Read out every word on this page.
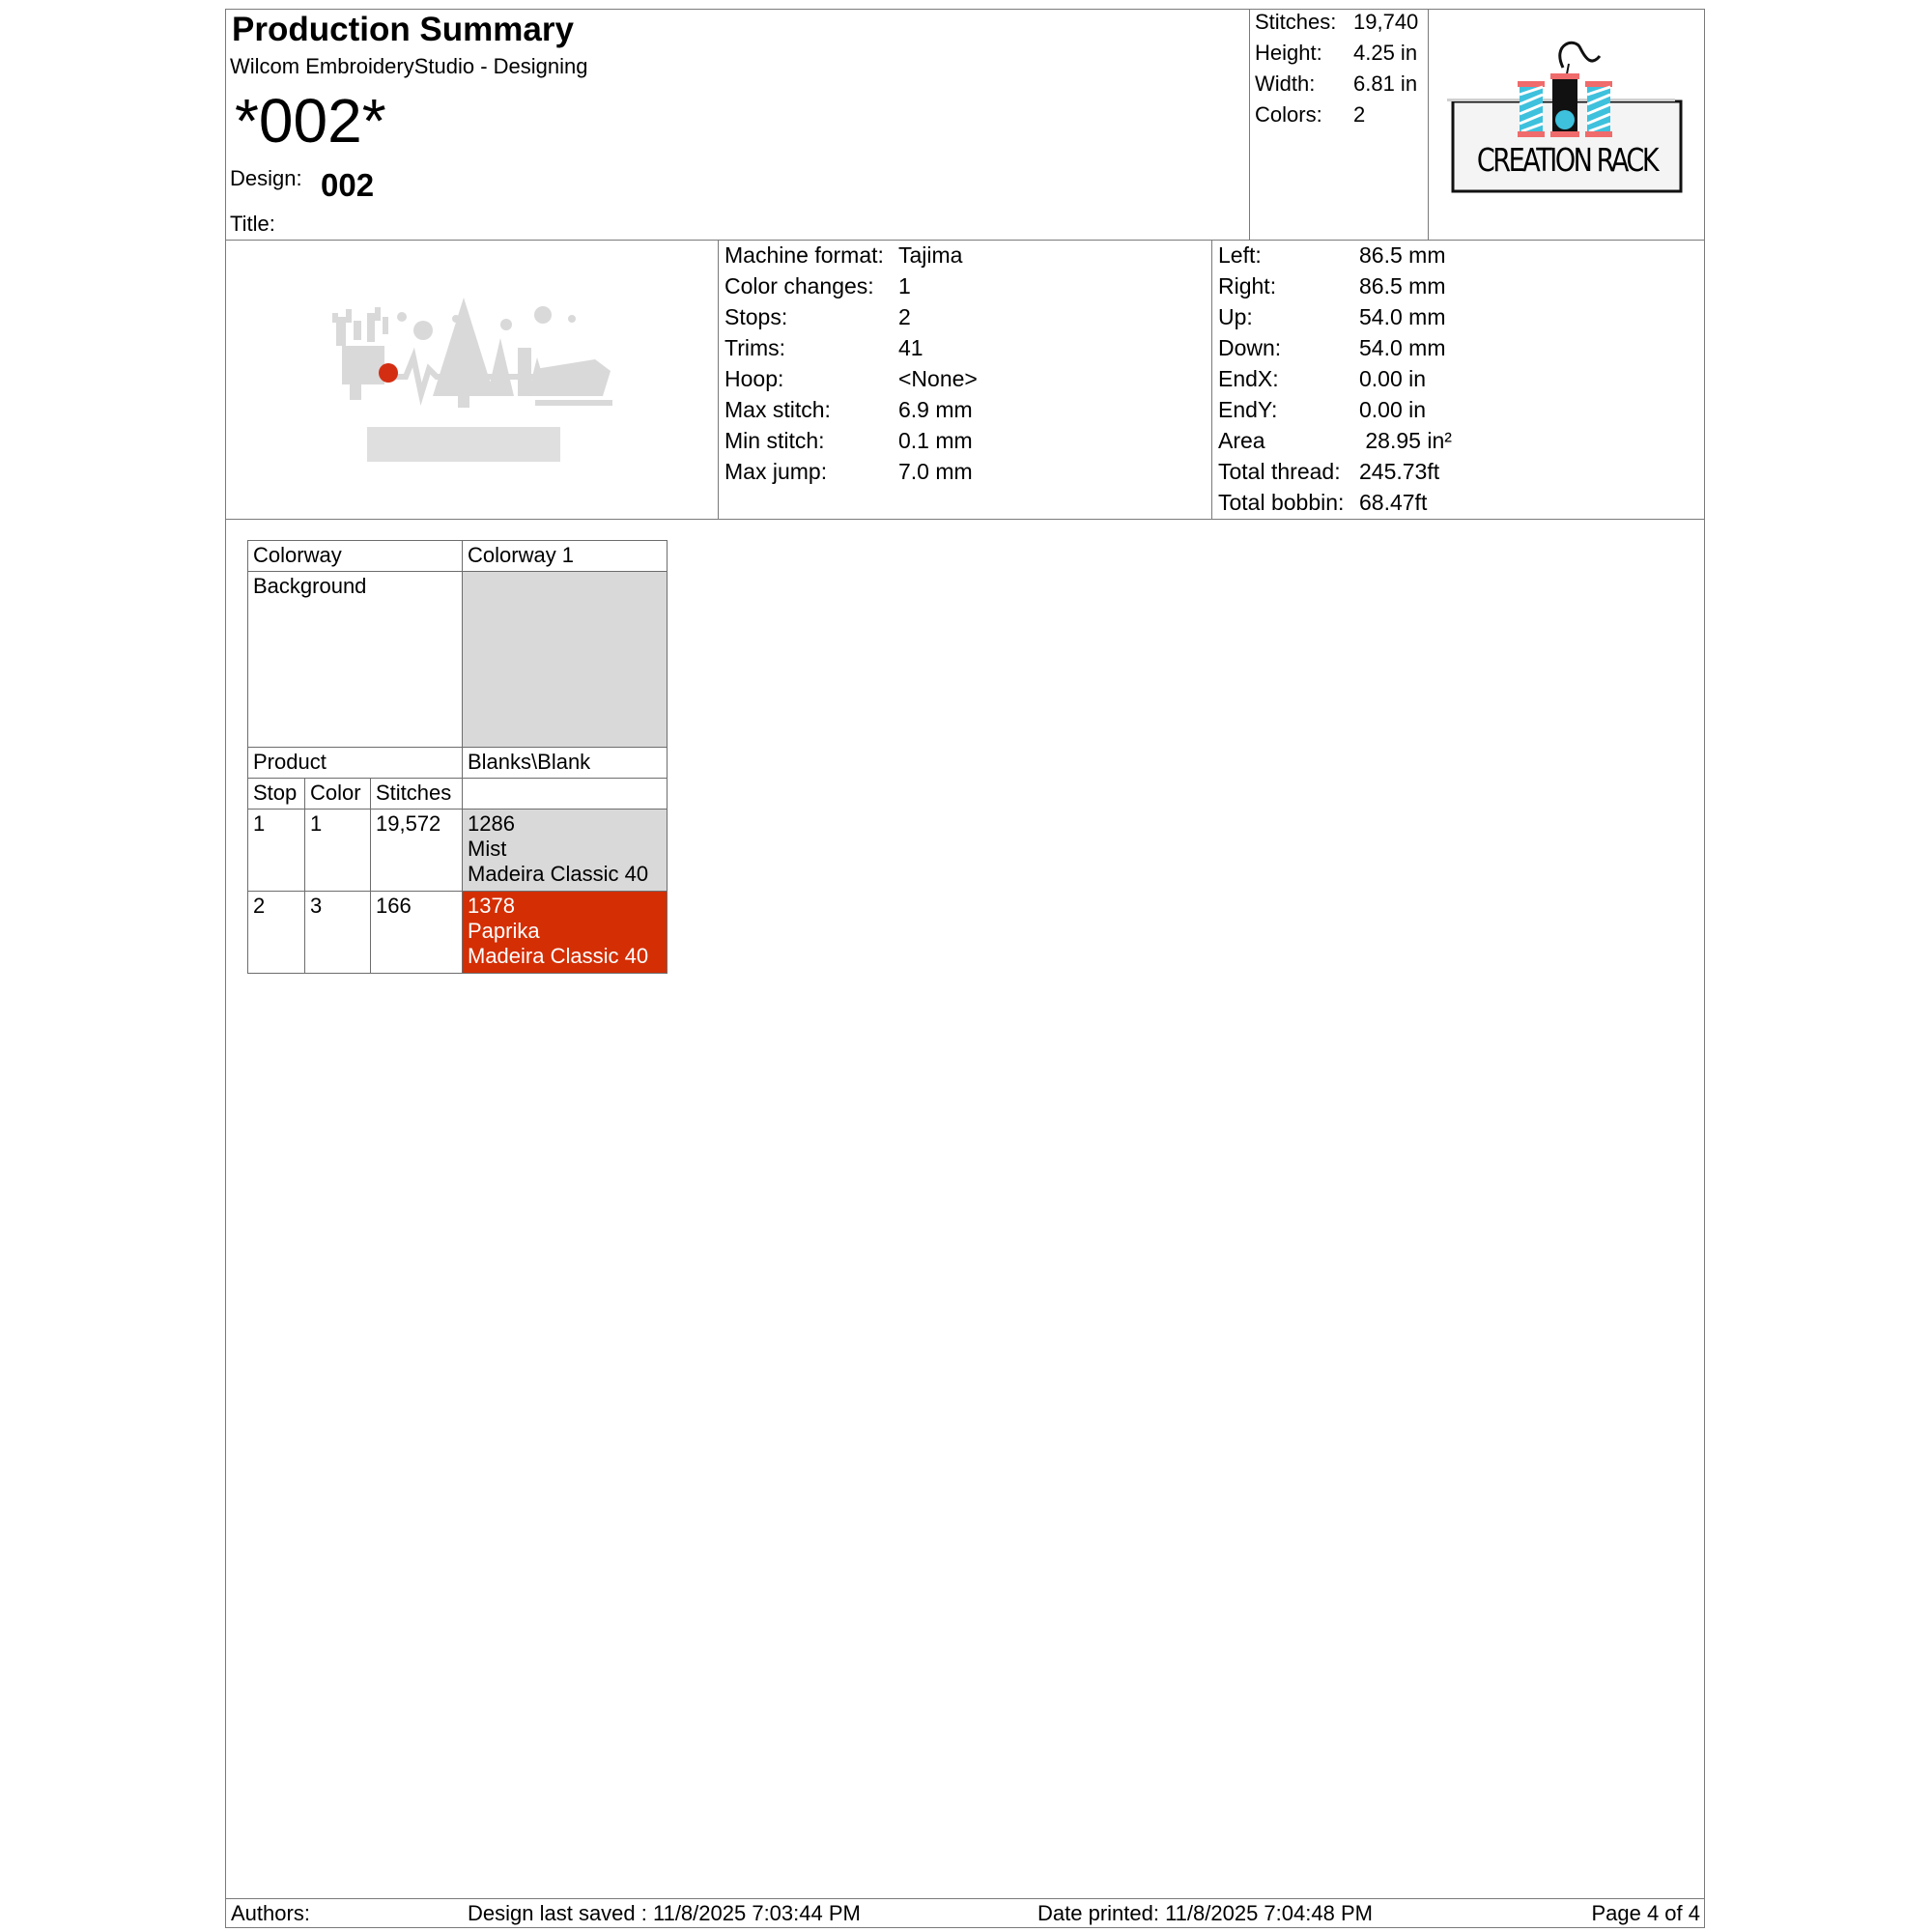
Production Summary
Wilcom EmbroideryStudio - Designing
*002*
Design: 002
Title:
Stitches: 19,740
Height:	4.25 in
Width:	6.81 in
Colors:	2
CREATION RACK
Machine format: Tajima
Color changes:	1
Stops:	2
Trims:	41
Hoop:	<None>
Max stitch:	6.9 mm
Min stitch:	0.1 mm
Max jump:	7.0 mm
Left:	86.5 mm
Right:	86.5 mm
Up:	54.0 mm
Down:	54.0 mm
EndX:	0.00 in
EndY:	0.00 in
Area	28.95 in²
Total thread: 245.73ft
Total bobbin: 68.47ft
Colorway			Colorway 1
Background			
Product			Blanks\Blank
Stop	Color	Stitches	
1	1	19,572	1286
Mist
Madeira Classic 40

2	3	166	1378
Paprika
Madeira Classic 40
Authors:	Design last saved : 11/8/2025 7:03:44 PM	Date printed: 11/8/2025 7:04:48 PM	Page 4 of 4
